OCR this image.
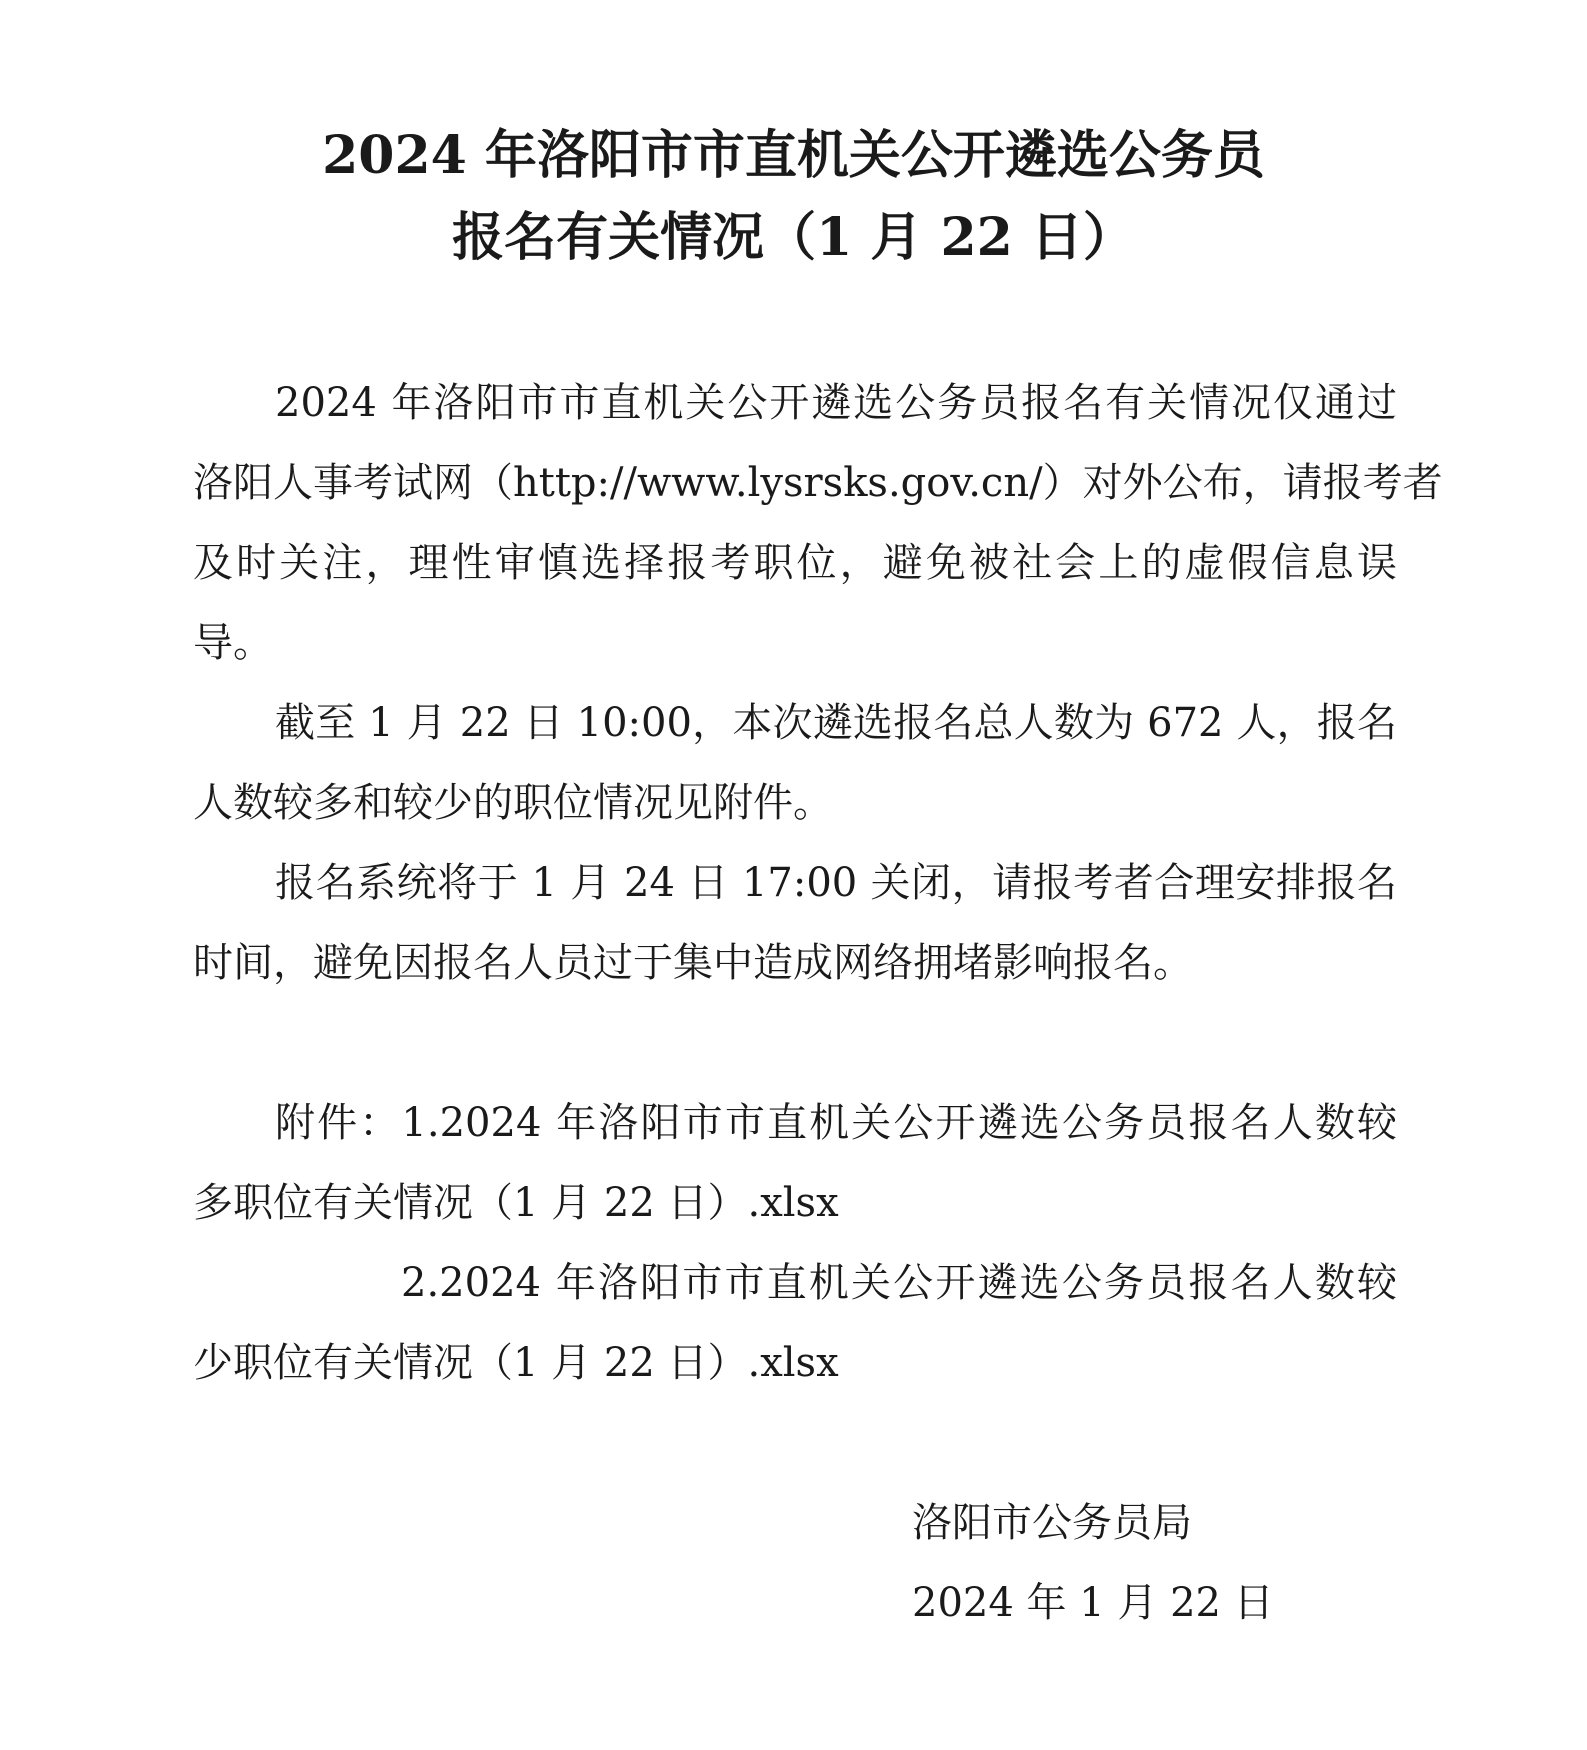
2024 年洛阳市市直机关公开遴选公务员
报名有关情况（1 月 22 日）
2024 年洛阳市市直机关公开遴选公务员报名有关情况仅通过
洛阳人事考试网（http://www.lysrsks.gov.cn/）对外公布，请报考者
及时关注，理性审慎选择报考职位，避免被社会上的虚假信息误
导。
截至 1 月 22 日 10:00，本次遴选报名总人数为 672 人，报名
人数较多和较少的职位情况见附件。
报名系统将于 1 月 24 日 17:00 关闭，请报考者合理安排报名
时间，避免因报名人员过于集中造成网络拥堵影响报名。
附件：1.2024 年洛阳市市直机关公开遴选公务员报名人数较
多职位有关情况（1 月 22 日）.xlsx
2.2024 年洛阳市市直机关公开遴选公务员报名人数较
少职位有关情况（1 月 22 日）.xlsx
洛阳市公务员局
2024 年 1 月 22 日
